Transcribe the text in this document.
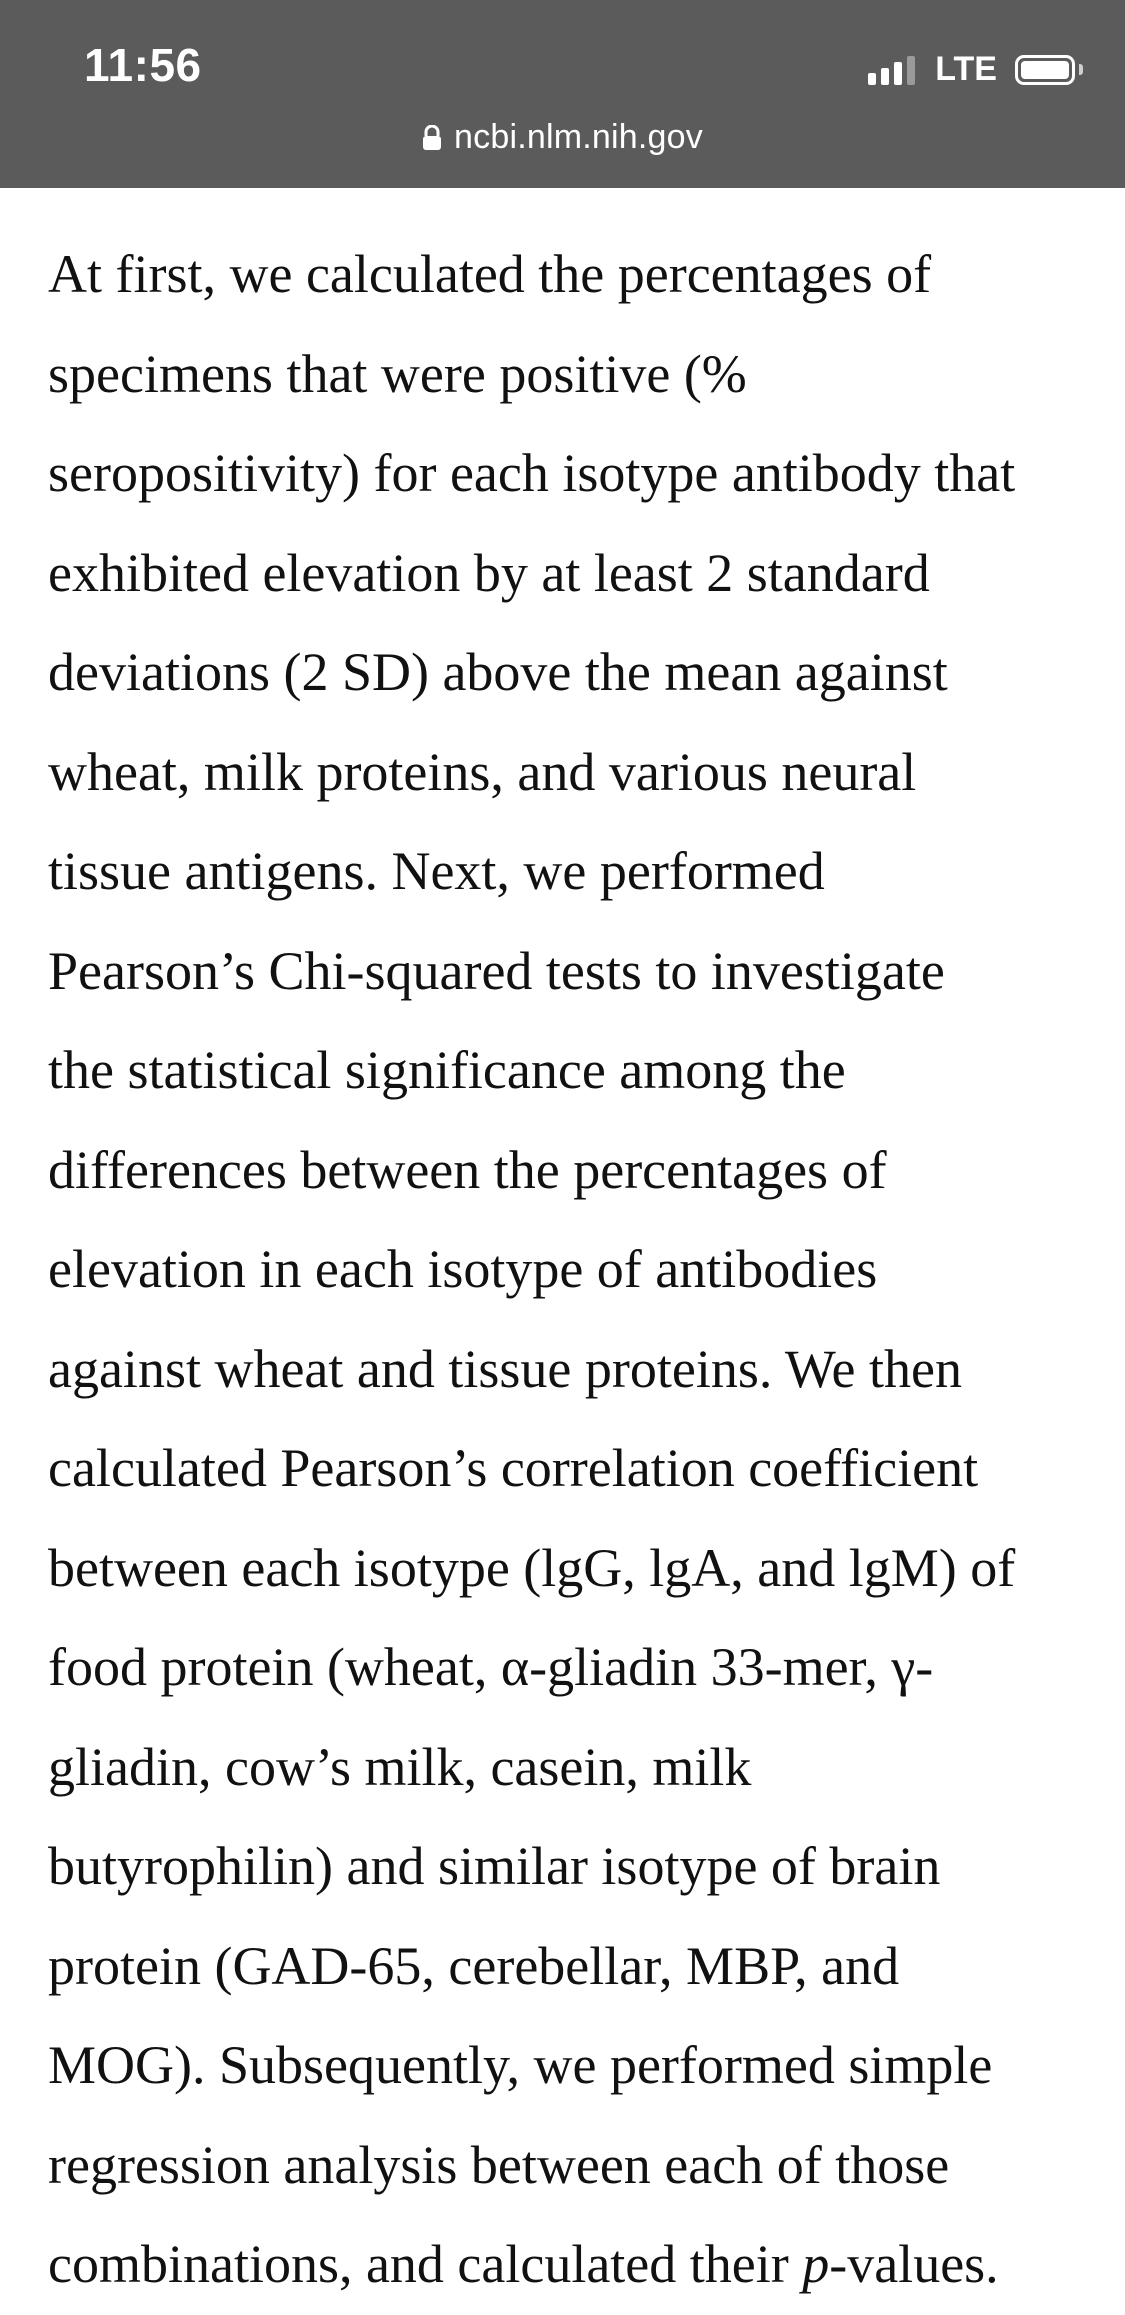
11:56	LTE
ncbi.nlm.nih.gov

At first, we calculated the percentages of
specimens that were positive (%
seropositivity) for each isotype antibody that
exhibited elevation by at least 2 standard
deviations (2 SD) above the mean against
wheat, milk proteins, and various neural
tissue antigens. Next, we performed
Pearson’s Chi-squared tests to investigate
the statistical significance among the
differences between the percentages of
elevation in each isotype of antibodies
against wheat and tissue proteins. We then
calculated Pearson’s correlation coefficient
between each isotype (lgG, lgA, and lgM) of
food protein (wheat, α-gliadin 33-mer, γ-
gliadin, cow’s milk, casein, milk
butyrophilin) and similar isotype of brain
protein (GAD-65, cerebellar, MBP, and
MOG). Subsequently, we performed simple
regression analysis between each of those
combinations, and calculated their p-values.
